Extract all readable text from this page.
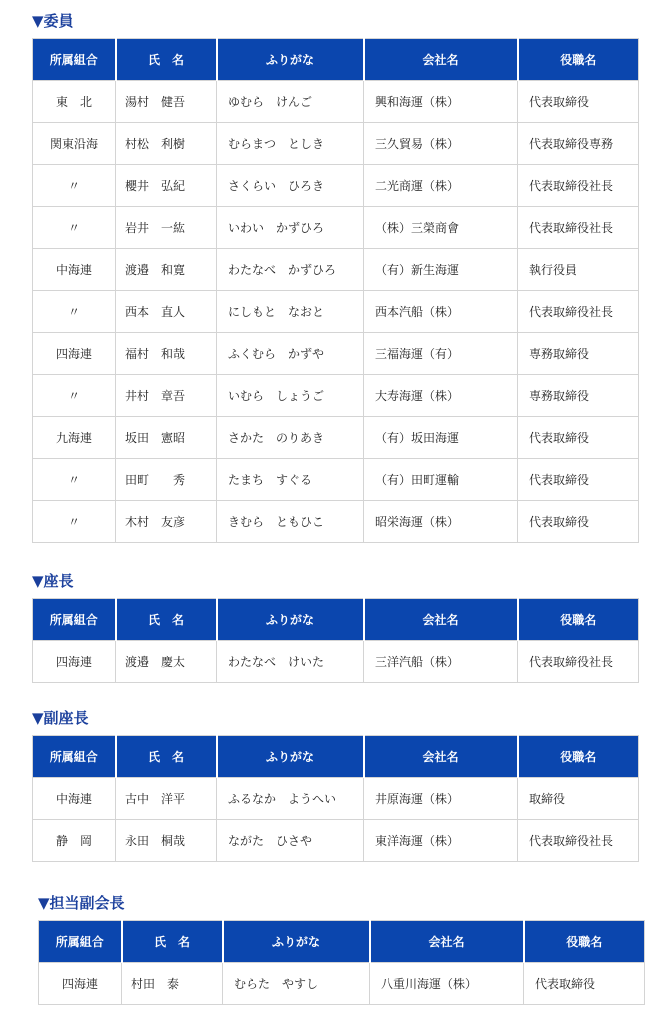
▼委員
所属組合	氏　名	ふりがな	会社名	役職名
東　北	湯村　健吾	ゆむら　けんご	興和海運（株）	代表取締役
関東沿海	村松　利樹	むらまつ　としき	三久貿易（株）	代表取締役専務
〃	櫻井　弘紀	さくらい　ひろき	二光商運（株）	代表取締役社長
〃	岩井　一紘	いわい　かずひろ	（株）三榮商會	代表取締役社長
中海連	渡邉　和寛	わたなべ　かずひろ	（有）新生海運	執行役員
〃	西本　直人	にしもと　なおと	西本汽船（株）	代表取締役社長
四海連	福村　和哉	ふくむら　かずや	三福海運（有）	専務取締役
〃	井村　章吾	いむら　しょうご	大寿海運（株）	専務取締役
九海連	坂田　憲昭	さかた　のりあき	（有）坂田海運	代表取締役
〃	田町　　秀	たまち　すぐる	（有）田町運輸	代表取締役
〃	木村　友彦	きむら　ともひこ	昭栄海運（株）	代表取締役
▼座長
所属組合	氏　名	ふりがな	会社名	役職名
四海連	渡邉　慶太	わたなべ　けいた	三洋汽船（株）	代表取締役社長
▼副座長
所属組合	氏　名	ふりがな	会社名	役職名
中海連	古中　洋平	ふるなか　ようへい	井原海運（株）	取締役
静　岡	永田　桐哉	ながた　ひさや	東洋海運（株）	代表取締役社長
▼担当副会長
所属組合	氏　名	ふりがな	会社名	役職名
四海連	村田　泰	むらた　やすし	八重川海運（株）	代表取締役
